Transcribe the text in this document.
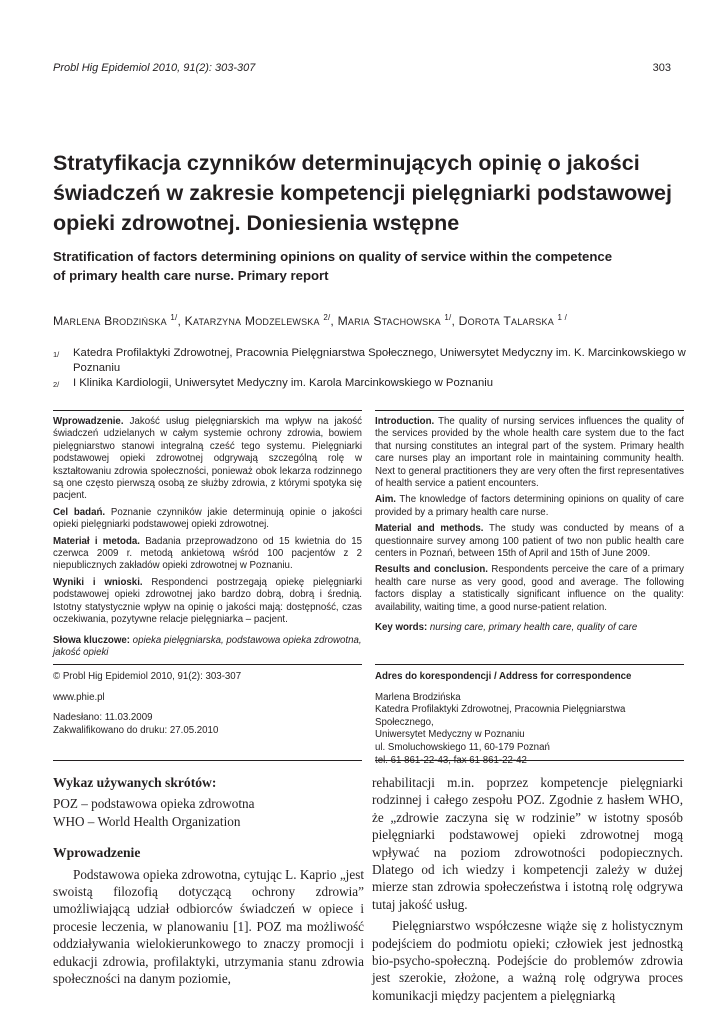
Probl Hig Epidemiol 2010, 91(2): 303-307	303
Stratyfikacja czynników determinujących opinię o jakości
świadczeń w zakresie kompetencji pielęgniarki podstawowej
opieki zdrowotnej. Doniesienia wstępne
Stratification of factors determining opinions on quality of service within the competence
of primary health care nurse. Primary report
Marlena Brodzińska $^{1/}$, Katarzyna Modzelewska $^{2/}$, Maria Stachowska $^{1/}$, Dorota Talarska $^{1 /}$
1/	Katedra Profilaktyki Zdrowotnej, Pracownia Pielęgniarstwa Społecznego, Uniwersytet Medyczny im. K. Marcinkowskiego w Poznaniu
2/	I Klinika Kardiologii, Uniwersytet Medyczny im. Karola Marcinkowskiego w Poznaniu

Wprowadzenie. Jakość usług pielęgniarskich ma wpływ na jakość świadczeń udzielanych w całym systemie ochrony zdrowia, bowiem pielęgniarstwo stanowi integralną cześć tego systemu. Pielęgniarki podstawowej opieki zdrowotnej odgrywają szczególną rolę w kształtowaniu zdrowia społeczności, ponieważ obok lekarza rodzinnego są one często pierwszą osobą ze służby zdrowia, z którymi spotyka się pacjent.

Cel badań. Poznanie czynników jakie determinują opinie o jakości opieki pielęgniarki podstawowej opieki zdrowotnej.

Materiał i metoda. Badania przeprowadzono od 15 kwietnia do 15 czerwca 2009 r. metodą ankietową wśród 100 pacjentów z 2 niepublicznych zakładów opieki zdrowotnej w Poznaniu.

Wyniki i wnioski. Respondenci postrzegają opiekę pielęgniarki podstawowej opieki zdrowotnej jako bardzo dobrą, dobrą i średnią. Istotny statystycznie wpływ na opinię o jakości mają: dostępność, czas oczekiwania, pozytywne relacje pielęgniarka – pacjent.

Słowa kluczowe: opieka pielęgniarska, podstawowa opieka zdrowotna, jakość opieki

Introduction. The quality of nursing services influences the quality of the services provided by the whole health care system due to the fact that nursing constitutes an integral part of the system. Primary health care nurses play an important role in maintaining community health. Next to general practitioners they are very often the first representatives of health service a patient encounters.

Aim. The knowledge of factors determining opinions on quality of care provided by a primary health care nurse.

Material and methods. The study was conducted by means of a questionnaire survey among 100 patient of two non public health care centers in Poznań, between 15th of April and 15th of June 2009.

Results and conclusion. Respondents perceive the care of a primary health care nurse as very good, good and average. The following factors display a statistically significant influence on the quality: availability, waiting time, a good nurse-patient relation.

Key words: nursing care, primary health care, quality of care

© Probl Hig Epidemiol 2010, 91(2): 303-307
www.phie.pl
Nadesłano: 11.03.2009
Zakwalifikowano do druku: 27.05.2010
Adres do korespondencji / Address for correspondence
Marlena Brodzińska
Katedra Profilaktyki Zdrowotnej, Pracownia Pielęgniarstwa Społecznego,
Uniwersytet Medyczny w Poznaniu
ul. Smoluchowskiego 11, 60-179 Poznań
tel. 61 861-22-43, fax 61 861-22-42

Wykaz używanych skrótów:

POZ – podstawowa opieka zdrowotna

WHO – World Health Organization

Wprowadzenie

Podstawowa opieka zdrowotna, cytując L. Kaprio „jest swoistą filozofią dotyczącą ochrony zdrowia” umożliwiającą udział odbiorców świadczeń w opiece i procesie leczenia, w planowaniu [1]. POZ ma możliwość oddziaływania wielokierunkowego to znaczy promocji i edukacji zdrowia, profilaktyki, utrzymania stanu zdrowia społeczności na danym poziomie,

rehabilitacji m.in. poprzez kompetencje pielęgniarki rodzinnej i całego zespołu POZ. Zgodnie z hasłem WHO, że „zdrowie zaczyna się w rodzinie” w istotny sposób pielęgniarki podstawowej opieki zdrowotnej mogą wpływać na poziom zdrowotności podopiecznych. Dlatego od ich wiedzy i kompetencji zależy w dużej mierze stan zdrowia społeczeństwa i istotną rolę odgrywa tutaj jakość usług.

Pielęgniarstwo współczesne wiąże się z holistycznym podejściem do podmiotu opieki; człowiek jest jednostką bio-psycho-społeczną. Podejście do problemów zdrowia jest szerokie, złożone, a ważną rolę odgrywa proces komunikacji między pacjentem a pielęgniarką
